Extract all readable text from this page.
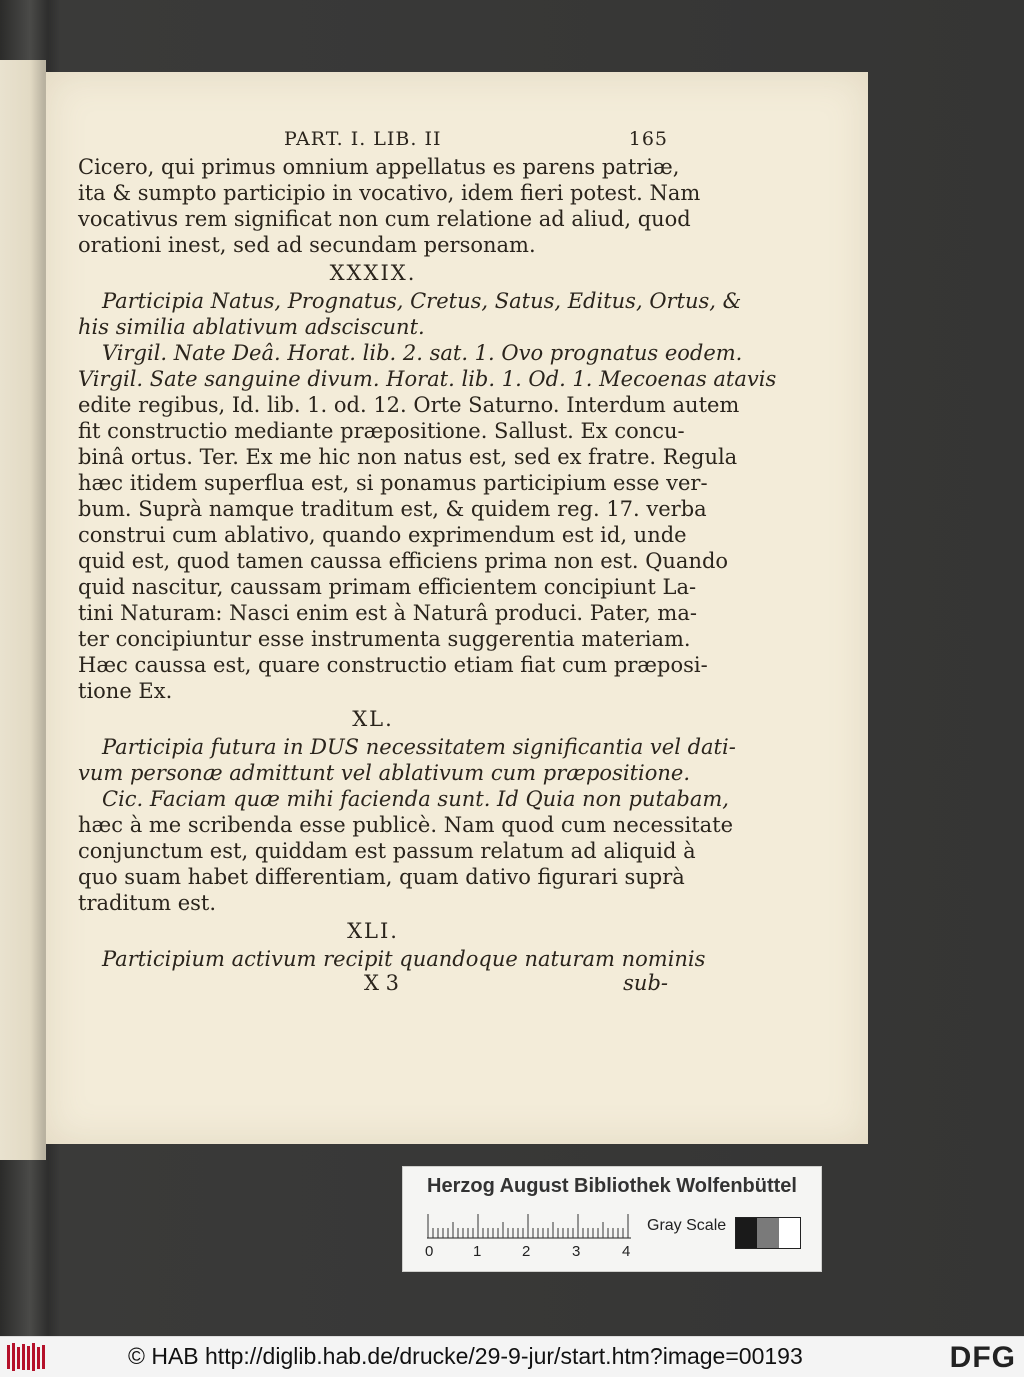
PART. I. LIB. II	165
Cicero, qui primus omnium appellatus es parens patriæ,
ita & sumpto participio in vocativo, idem fieri potest. Nam
vocativus rem significat non cum relatione ad aliud, quod
orationi inest, sed ad secundam personam.
XXXIX.
Participia Natus, Prognatus, Cretus, Satus, Editus, Ortus, &
his similia ablativum adsciscunt.
Virgil. Nate Deâ. Horat. lib. 2. sat. 1. Ovo prognatus eodem.
Virgil. Sate sanguine divum. Horat. lib. 1. Od. 1. Mecoenas atavis
edite regibus, Id. lib. 1. od. 12. Orte Saturno. Interdum autem
fit constructio mediante præpositione. Sallust. Ex concu-
binâ ortus. Ter. Ex me hic non natus est, sed ex fratre. Regula
hæc itidem superflua est, si ponamus participium esse ver-
bum. Suprà namque traditum est, & quidem reg. 17. verba
construi cum ablativo, quando exprimendum est id, unde
quid est, quod tamen caussa efficiens prima non est. Quando
quid nascitur, caussam primam efficientem concipiunt La-
tini Naturam: Nasci enim est à Naturâ produci. Pater, ma-
ter concipiuntur esse instrumenta suggerentia materiam.
Hæc caussa est, quare constructio etiam fiat cum præposi-
tione Ex.
XL.
Participia futura in DUS necessitatem significantia vel dati-
vum personæ admittunt vel ablativum cum præpositione.
Cic. Faciam quæ mihi facienda sunt. Id Quia non putabam,
hæc à me scribenda esse publicè. Nam quod cum necessitate
conjunctum est, quiddam est passum relatum ad aliquid à
quo suam habet differentiam, quam dativo figurari suprà
traditum est.
XLI.
Participium activum recipit quandoque naturam nominis
X 3	sub-
Herzog August Bibliothek Wolfenbüttel
0	1	2	3	4
Gray Scale
© HAB http://diglib.hab.de/drucke/29-9-jur/start.htm?image=00193	DFG
